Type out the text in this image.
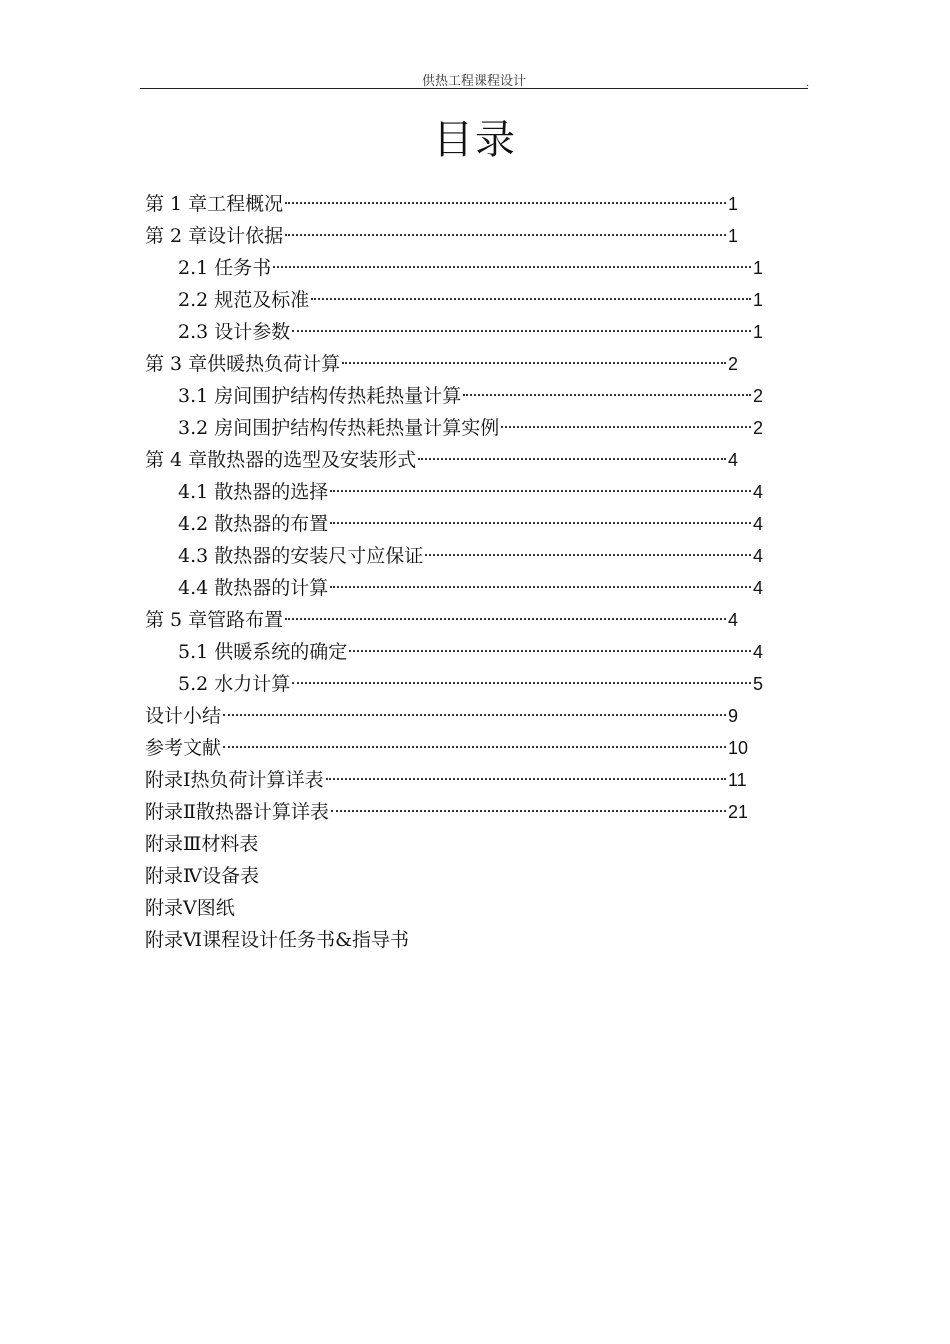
供热工程课程设计	.
目录
第 1 章工程概况	1
第 2 章设计依据	1
2.1 任务书	1
2.2 规范及标准	1
2.3 设计参数	1
第 3 章供暖热负荷计算	2
3.1 房间围护结构传热耗热量计算	2
3.2 房间围护结构传热耗热量计算实例	2
第 4 章散热器的选型及安装形式	4
4.1 散热器的选择	4
4.2 散热器的布置	4
4.3 散热器的安装尺寸应保证	4
4.4 散热器的计算	4
第 5 章管路布置	4
5.1 供暖系统的确定	4
5.2 水力计算	5
设计小结	9
参考文献	10
附录Ⅰ热负荷计算详表	11
附录Ⅱ散热器计算详表	21
附录Ⅲ材料表
附录Ⅳ设备表
附录Ⅴ图纸
附录Ⅵ课程设计任务书&指导书
